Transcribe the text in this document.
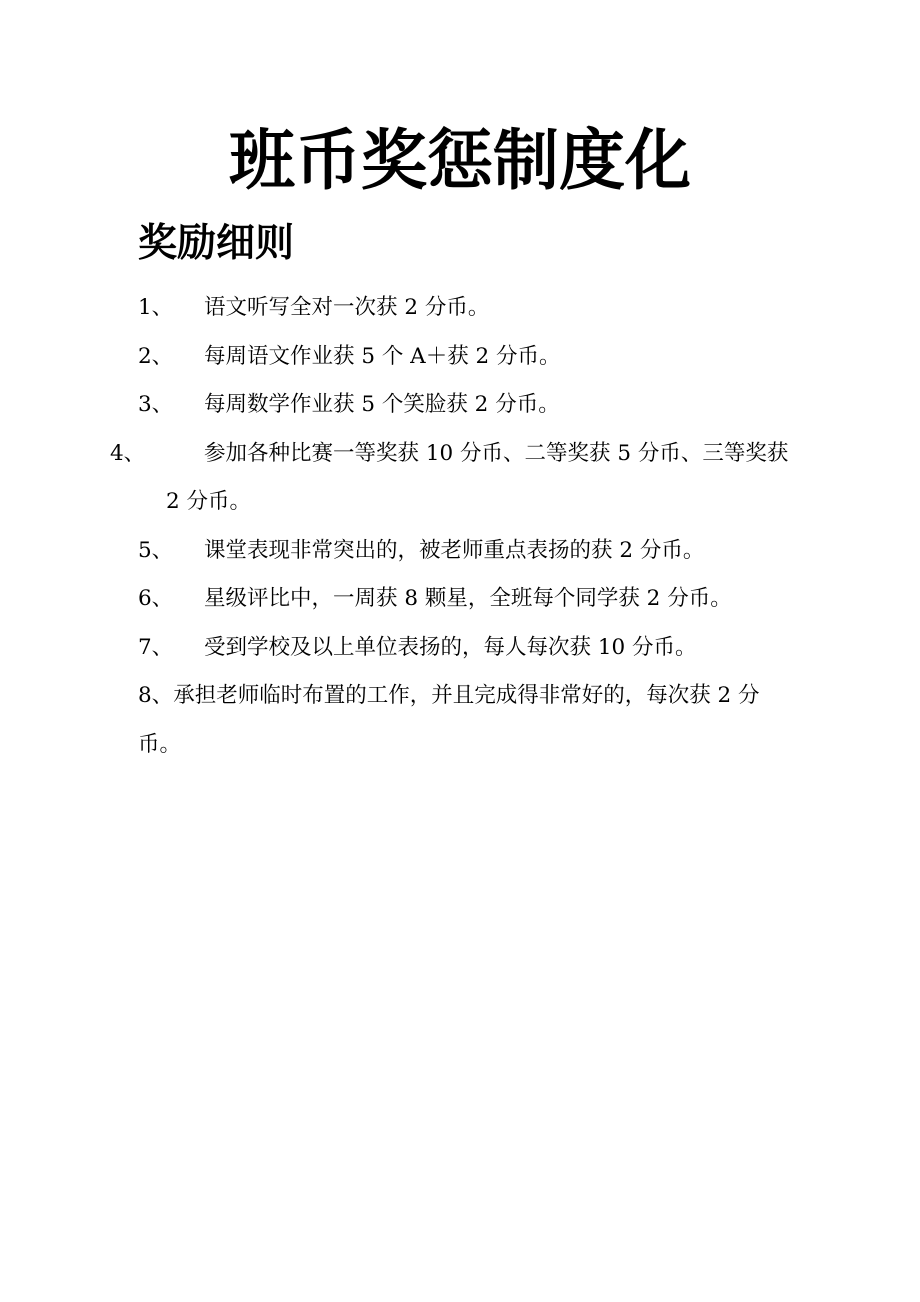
班币奖惩制度化
奖励细则
1、 语文听写全对一次获 2 分币。
2、 每周语文作业获 5 个 A＋获 2 分币。
3、 每周数学作业获 5 个笑脸获 2 分币。
4、	参加各种比赛一等奖获 10 分币、二等奖获 5 分币、三等奖获 2 分币。
5、 课堂表现非常突出的，被老师重点表扬的获 2 分币。
6、 星级评比中，一周获 8 颗星，全班每个同学获 2 分币。
7、 受到学校及以上单位表扬的，每人每次获 10 分币。
8、承担老师临时布置的工作，并且完成得非常好的，每次获 2 分币。
